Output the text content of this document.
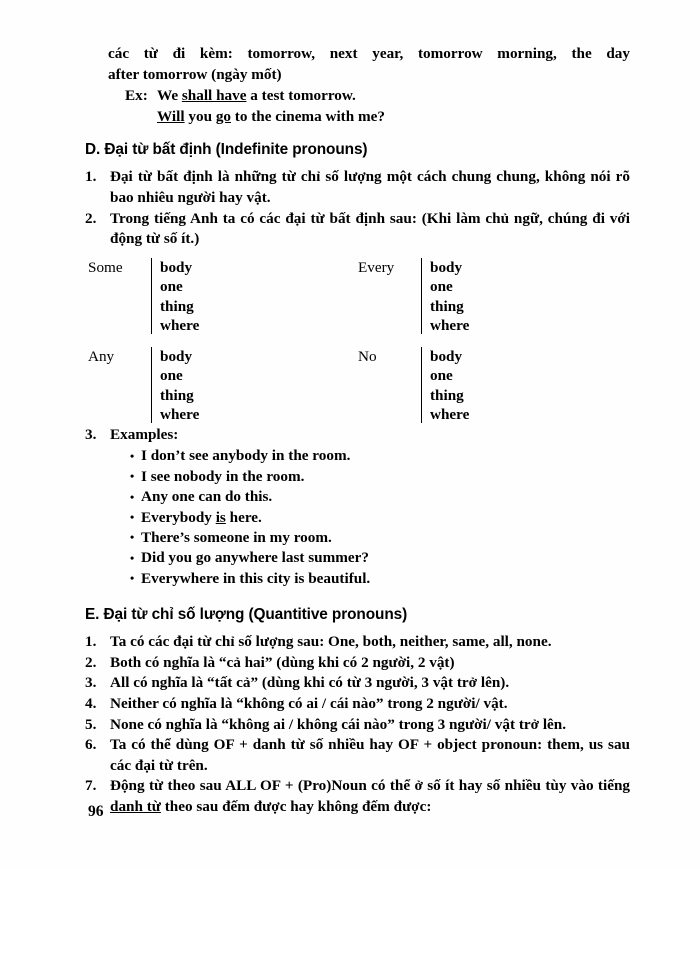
các từ đi kèm: tomorrow, next year, tomorrow morning, the day
after tomorrow (ngày mốt)
Ex: We shall have a test tomorrow.
Will you go to the cinema with me?
D. Đại từ bất định (Indefinite pronouns)
1. Đại từ bất định là những từ chỉ số lượng một cách chung chung, không nói rõ bao nhiêu người hay vật.
2. Trong tiếng Anh ta có các đại từ bất định sau: (Khi làm chủ ngữ, chúng đi với động từ số ít.)
Some	body
one
thing
where
Every	body
one
thing
where
Any	body
one
thing
where
No	body
one
thing
where
3. Examples:
• I don’t see anybody in the room.
• I see nobody in the room.
• Any one can do this.
• Everybody is here.
• There’s someone in my room.
• Did you go anywhere last summer?
• Everywhere in this city is beautiful.
E. Đại từ chỉ số lượng (Quantitive pronouns)
1. Ta có các đại từ chỉ số lượng sau: One, both, neither, same, all, none.
2. Both có nghĩa là “cả hai” (dùng khi có 2 người, 2 vật)
3. All có nghĩa là “tất cả” (dùng khi có từ 3 người, 3 vật trở lên).
4. Neither có nghĩa là “không có ai / cái nào” trong 2 người/ vật.
5. None có nghĩa là “không ai / không cái nào” trong 3 người/ vật trở lên.
6. Ta có thể dùng OF + danh từ số nhiều hay OF + object pronoun: them, us sau các đại từ trên.
7. Động từ theo sau ALL OF + (Pro)Noun có thể ở số ít hay số nhiều tùy vào tiếng danh từ theo sau đếm được hay không đếm được:
96
